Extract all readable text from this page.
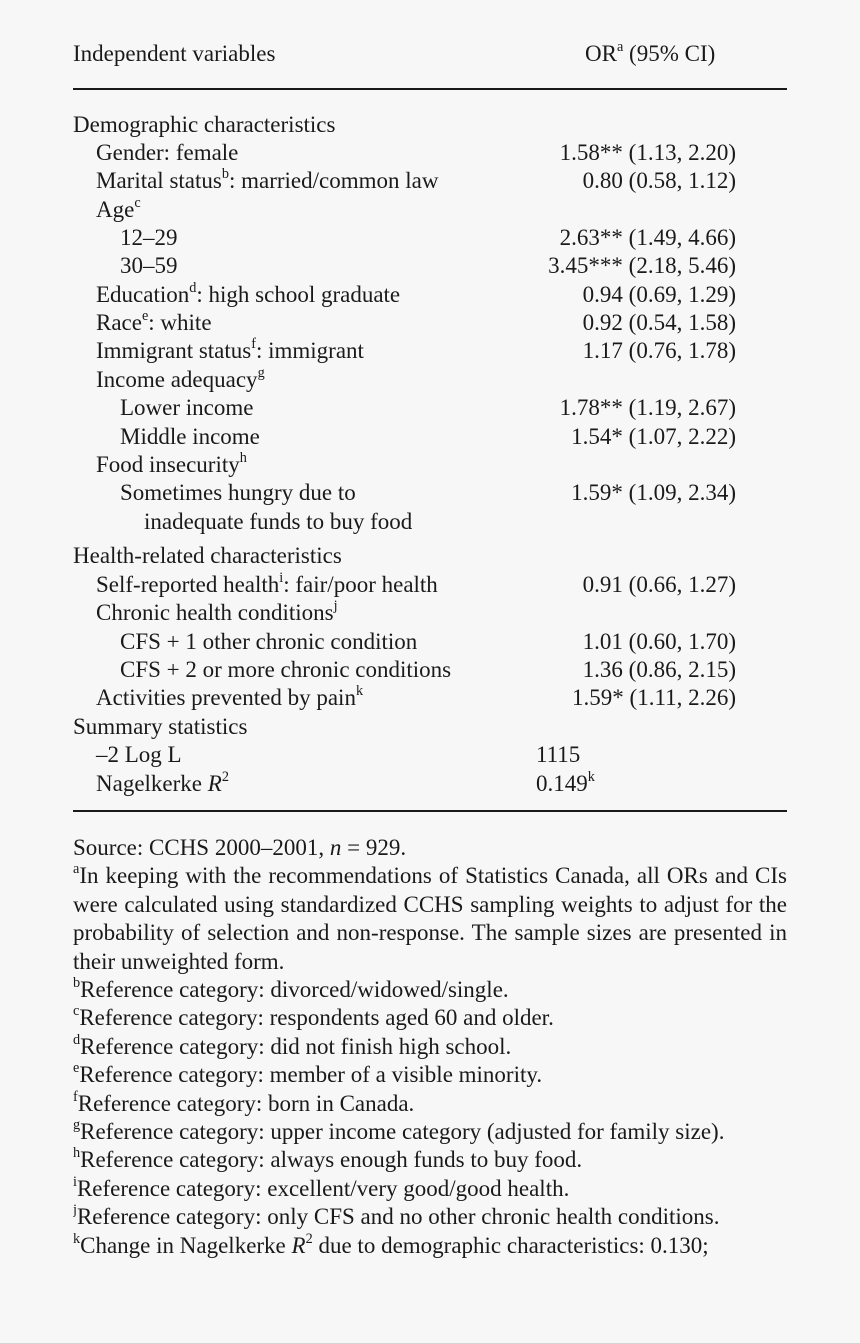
Independent variables	$OR^a$ (95% CI)
Demographic characteristics
Gender: female	1.58** (1.13, 2.20)
Marital status$^b$: married/common law	0.80 (0.58, 1.12)
Age$^c$
12–29	2.63** (1.49, 4.66)
30–59	3.45*** (2.18, 5.46)
Education$^d$: high school graduate	0.94 (0.69, 1.29)
Race$^e$: white	0.92 (0.54, 1.58)
Immigrant status$^f$: immigrant	1.17 (0.76, 1.78)
Income adequacy$^g$
Lower income	1.78** (1.19, 2.67)
Middle income	1.54* (1.07, 2.22)
Food insecurity$^h$
Sometimes hungry due to	1.59* (1.09, 2.34)
inadequate funds to buy food
Health-related characteristics
Self-reported health$^i$: fair/poor health	0.91 (0.66, 1.27)
Chronic health conditions$^j$
CFS + 1 other chronic condition	1.01 (0.60, 1.70)
CFS + 2 or more chronic conditions	1.36 (0.86, 2.15)
Activities prevented by pain$^k$	1.59* (1.11, 2.26)
Summary statistics
–2 Log L	1115
Nagelkerke $R^2$	0.149$^k$

Source: CCHS 2000–2001, n = 929.

$^a$In keeping with the recommendations of Statistics Canada, all ORs and CIs were calculated using standardized CCHS sampling weights to adjust for the probability of selection and non-response. The sample sizes are presented in their unweighted form.

$^b$Reference category: divorced/widowed/single.

$^c$Reference category: respondents aged 60 and older.

$^d$Reference category: did not finish high school.

$^e$Reference category: member of a visible minority.

$^f$Reference category: born in Canada.

$^g$Reference category: upper income category (adjusted for family size).

$^h$Reference category: always enough funds to buy food.

$^i$Reference category: excellent/very good/good health.

$^j$Reference category: only CFS and no other chronic health conditions.

$^k$Change in Nagelkerke $R^2$ due to demographic characteristics: 0.130;
